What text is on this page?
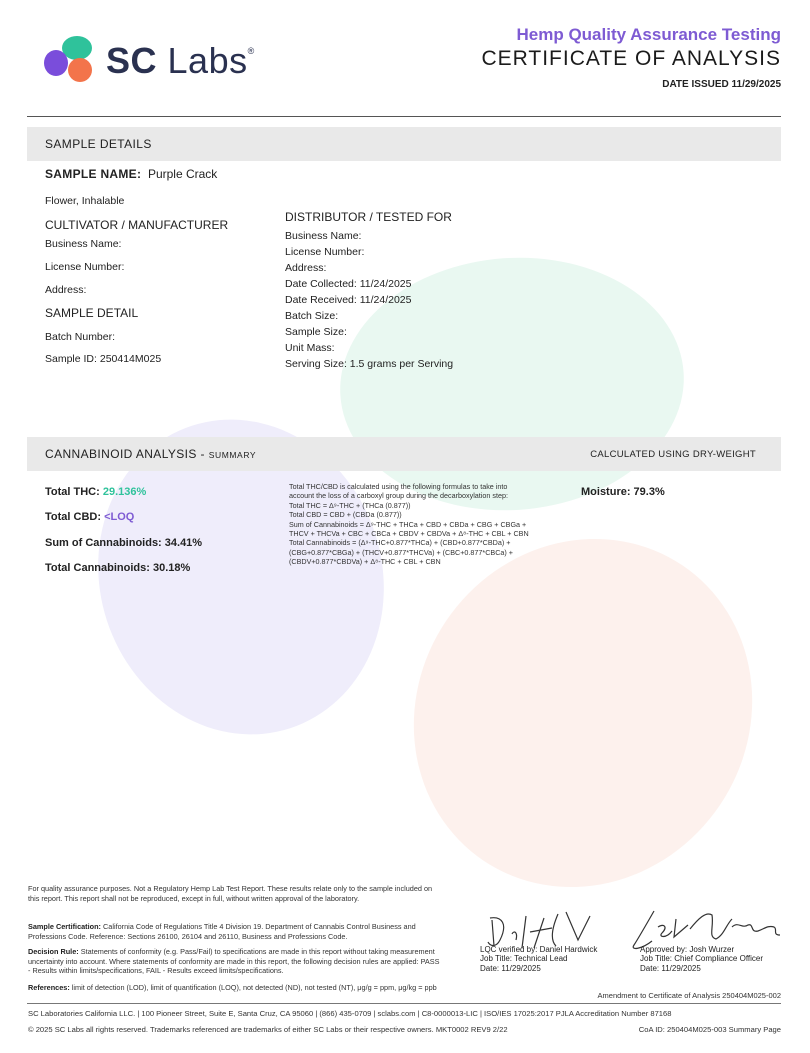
SC Labs®
Hemp Quality Assurance Testing
CERTIFICATE OF ANALYSIS
DATE ISSUED 11/29/2025
SAMPLE DETAILS
SAMPLE NAME: Purple Crack
Flower, Inhalable
CULTIVATOR / MANUFACTURER
Business Name:
License Number:
Address:
SAMPLE DETAIL
Batch Number:
Sample ID: 250414M025
DISTRIBUTOR / TESTED FOR
Business Name:
License Number:
Address:
Date Collected: 11/24/2025
Date Received: 11/24/2025
Batch Size:
Sample Size:
Unit Mass:
Serving Size: 1.5 grams per Serving
CANNABINOID ANALYSIS - SUMMARY	CALCULATED USING DRY-WEIGHT
Total THC: 29.136%
Total CBD: <LOQ
Sum of Cannabinoids: 34.41%
Total Cannabinoids: 30.18%
Total THC/CBD is calculated using the following formulas to take into
account the loss of a carboxyl group during the decarboxylation step:
Total THC = Δ⁹-THC + (THCa (0.877))
Total CBD = CBD + (CBDa (0.877))
Sum of Cannabinoids = Δ⁹-THC + THCa + CBD + CBDa + CBG + CBGa +
THCV + THCVa + CBC + CBCa + CBDV + CBDVa + Δ⁸-THC + CBL + CBN
Total Cannabinoids = (Δ⁹-THC+0.877*THCa) + (CBD+0.877*CBDa) +
(CBG+0.877*CBGa) + (THCV+0.877*THCVa) + (CBC+0.877*CBCa) +
(CBDV+0.877*CBDVa) + Δ⁸-THC + CBL + CBN
Moisture: 79.3%
For quality assurance purposes. Not a Regulatory Hemp Lab Test Report. These results relate only to the sample included on this report. This report shall not be reproduced, except in full, without written approval of the laboratory.
Sample Certification: California Code of Regulations Title 4 Division 19. Department of Cannabis Control Business and Professions Code. Reference: Sections 26100, 26104 and 26110, Business and Professions Code.
Decision Rule: Statements of conformity (e.g. Pass/Fail) to specifications are made in this report without taking measurement uncertainty into account. Where statements of conformity are made in this report, the following decision rules are applied: PASS - Results within limits/specifications, FAIL - Results exceed limits/specifications.
References: limit of detection (LOD), limit of quantification (LOQ), not detected (ND), not tested (NT), μg/g = ppm, μg/kg = ppb
LQC verified by: Daniel Hardwick
Job Title: Technical Lead
Date: 11/29/2025
Approved by: Josh Wurzer
Job Title: Chief Compliance Officer
Date: 11/29/2025
Amendment to Certificate of Analysis 250404M025-002
SC Laboratories California LLC. | 100 Pioneer Street, Suite E, Santa Cruz, CA 95060 | (866) 435-0709 | sclabs.com | C8-0000013-LIC | ISO/IES 17025:2017 PJLA Accreditation Number 87168
© 2025 SC Labs all rights reserved. Trademarks referenced are trademarks of either SC Labs or their respective owners. MKT0002 REV9 2/22	CoA ID: 250404M025-003 Summary Page
